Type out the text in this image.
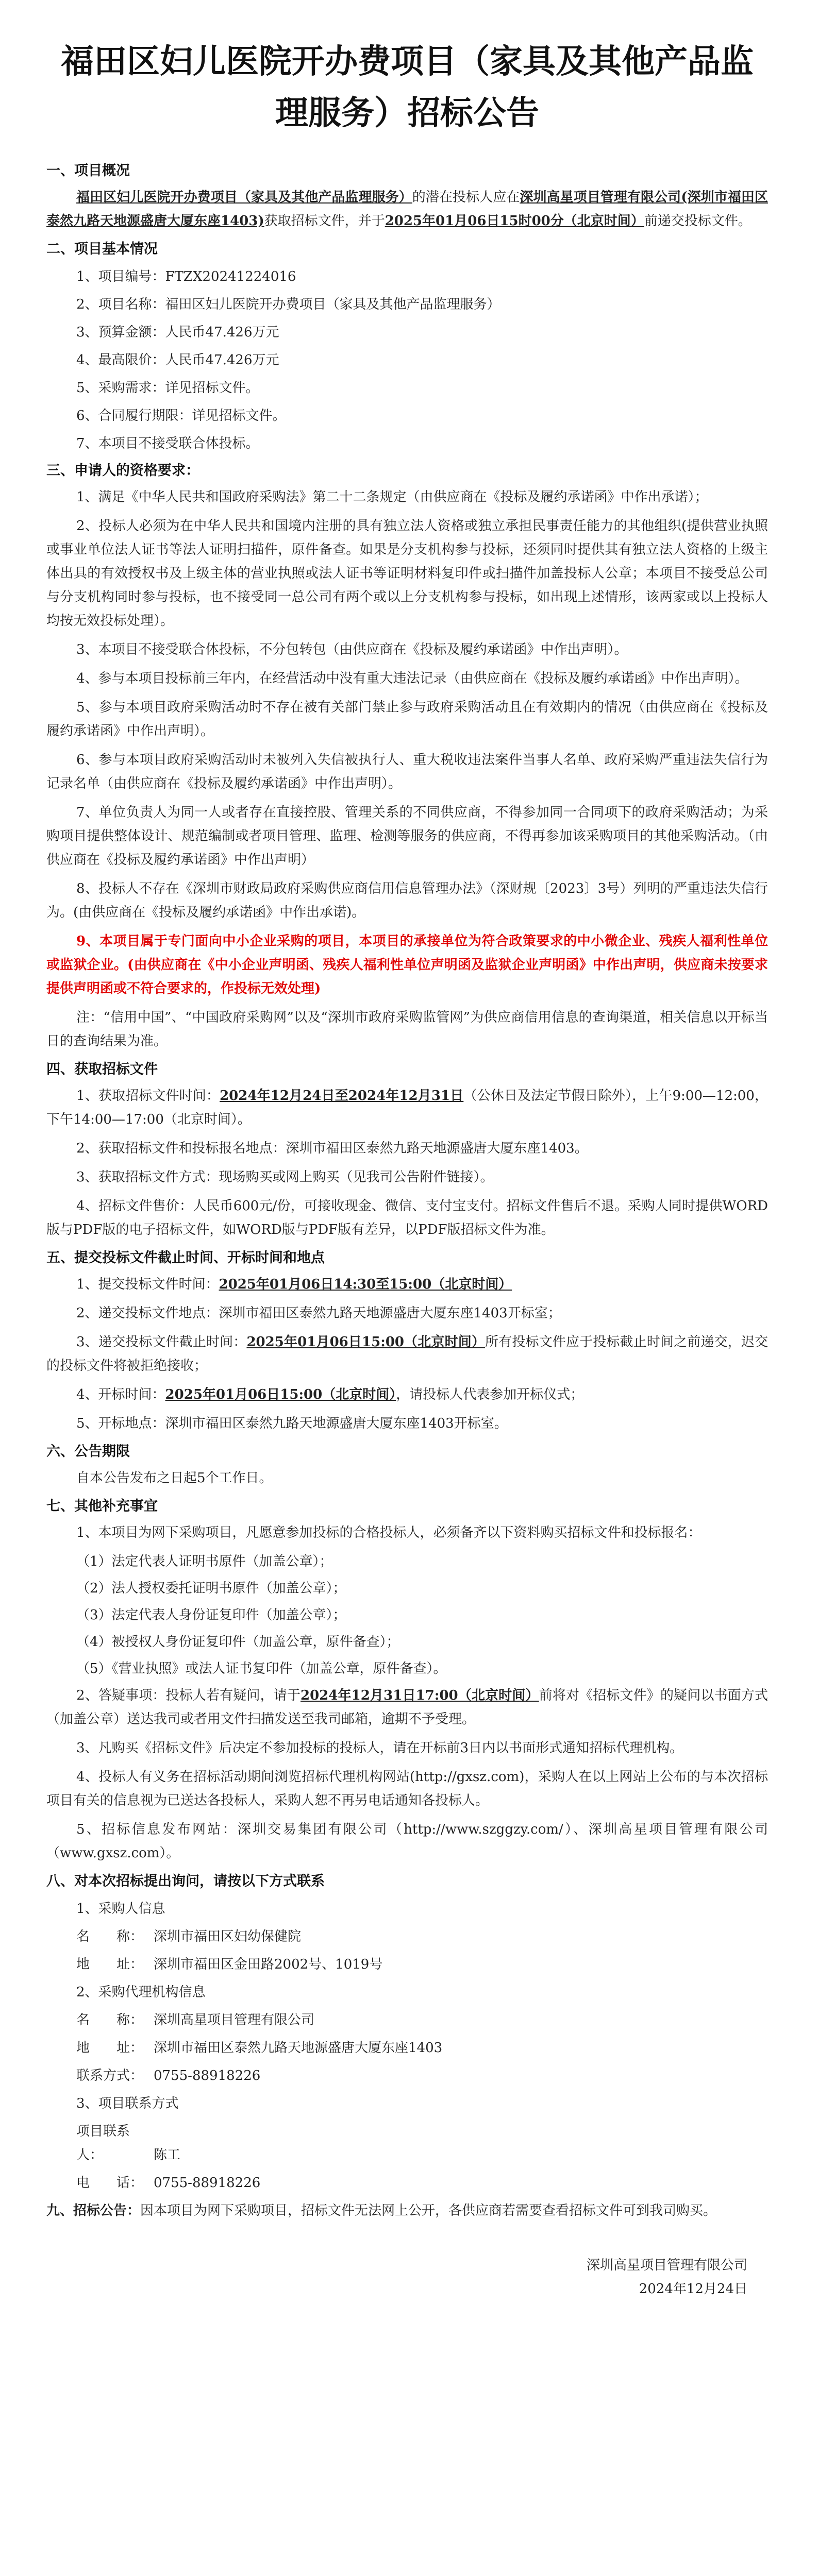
福田区妇儿医院开办费项目（家具及其他产品监理服务）招标公告
一、项目概况
福田区妇儿医院开办费项目（家具及其他产品监理服务）的潜在投标人应在深圳高星项目管理有限公司(深圳市福田区泰然九路天地源盛唐大厦东座1403)获取招标文件，并于2025年01月06日15时00分（北京时间）前递交投标文件。
二、项目基本情况
1、项目编号：FTZX20241224016
2、项目名称：福田区妇儿医院开办费项目（家具及其他产品监理服务）
3、预算金额：人民币47.426万元
4、最高限价：人民币47.426万元
5、采购需求：详见招标文件。
6、合同履行期限：详见招标文件。
7、本项目不接受联合体投标。
三、申请人的资格要求：
1、满足《中华人民共和国政府采购法》第二十二条规定（由供应商在《投标及履约承诺函》中作出承诺）；
2、投标人必须为在中华人民共和国境内注册的具有独立法人资格或独立承担民事责任能力的其他组织(提供营业执照或事业单位法人证书等法人证明扫描件，原件备查。如果是分支机构参与投标，还须同时提供其有独立法人资格的上级主体出具的有效授权书及上级主体的营业执照或法人证书等证明材料复印件或扫描件加盖投标人公章；本项目不接受总公司与分支机构同时参与投标，也不接受同一总公司有两个或以上分支机构参与投标，如出现上述情形，该两家或以上投标人均按无效投标处理）。
3、本项目不接受联合体投标，不分包转包（由供应商在《投标及履约承诺函》中作出声明）。
4、参与本项目投标前三年内，在经营活动中没有重大违法记录（由供应商在《投标及履约承诺函》中作出声明）。
5、参与本项目政府采购活动时不存在被有关部门禁止参与政府采购活动且在有效期内的情况（由供应商在《投标及履约承诺函》中作出声明）。
6、参与本项目政府采购活动时未被列入失信被执行人、重大税收违法案件当事人名单、政府采购严重违法失信行为记录名单（由供应商在《投标及履约承诺函》中作出声明）。
7、单位负责人为同一人或者存在直接控股、管理关系的不同供应商，不得参加同一合同项下的政府采购活动；为采购项目提供整体设计、规范编制或者项目管理、监理、检测等服务的供应商，不得再参加该采购项目的其他采购活动。（由供应商在《投标及履约承诺函》中作出声明）
8、投标人不存在《深圳市财政局政府采购供应商信用信息管理办法》（深财规〔2023〕3号）列明的严重违法失信行为。(由供应商在《投标及履约承诺函》中作出承诺)。
9、本项目属于专门面向中小企业采购的项目，本项目的承接单位为符合政策要求的中小微企业、残疾人福利性单位或监狱企业。(由供应商在《中小企业声明函、残疾人福利性单位声明函及监狱企业声明函》中作出声明，供应商未按要求提供声明函或不符合要求的，作投标无效处理)
注：“信用中国”、“中国政府采购网”以及“深圳市政府采购监管网”为供应商信用信息的查询渠道，相关信息以开标当日的查询结果为准。
四、获取招标文件
1、获取招标文件时间：2024年12月24日至2024年12月31日（公休日及法定节假日除外），上午9:00—12:00，下午14:00—17:00（北京时间）。
2、获取招标文件和投标报名地点：深圳市福田区泰然九路天地源盛唐大厦东座1403。
3、获取招标文件方式：现场购买或网上购买（见我司公告附件链接）。
4、招标文件售价：人民币600元/份，可接收现金、微信、支付宝支付。招标文件售后不退。采购人同时提供WORD版与PDF版的电子招标文件，如WORD版与PDF版有差异，以PDF版招标文件为准。
五、提交投标文件截止时间、开标时间和地点
1、提交投标文件时间：2025年01月06日14:30至15:00（北京时间）
2、递交投标文件地点：深圳市福田区泰然九路天地源盛唐大厦东座1403开标室；
3、递交投标文件截止时间：2025年01月06日15:00（北京时间）所有投标文件应于投标截止时间之前递交，迟交的投标文件将被拒绝接收；
4、开标时间：2025年01月06日15:00（北京时间），请投标人代表参加开标仪式；
5、开标地点：深圳市福田区泰然九路天地源盛唐大厦东座1403开标室。
六、公告期限
自本公告发布之日起5个工作日。
七、其他补充事宜
1、本项目为网下采购项目，凡愿意参加投标的合格投标人，必须备齐以下资料购买招标文件和投标报名：
（1）法定代表人证明书原件（加盖公章）；
（2）法人授权委托证明书原件（加盖公章）；
（3）法定代表人身份证复印件（加盖公章）；
（4）被授权人身份证复印件（加盖公章，原件备查）；
（5）《营业执照》或法人证书复印件（加盖公章，原件备查）。
2、答疑事项：投标人若有疑问，请于2024年12月31日17:00（北京时间）前将对《招标文件》的疑问以书面方式（加盖公章）送达我司或者用文件扫描发送至我司邮箱，逾期不予受理。
3、凡购买《招标文件》后决定不参加投标的投标人，请在开标前3日内以书面形式通知招标代理机构。
4、投标人有义务在招标活动期间浏览招标代理机构网站(http://gxsz.com)，采购人在以上网站上公布的与本次招标项目有关的信息视为已送达各投标人，采购人恕不再另电话通知各投标人。
5、招标信息发布网站：深圳交易集团有限公司（http://www.szggzy.com/）、深圳高星项目管理有限公司（www.gxsz.com）。
八、对本次招标提出询问，请按以下方式联系
1、采购人信息
名　　称： 深圳市福田区妇幼保健院
地　　址： 深圳市福田区金田路2002号、1019号
2、采购代理机构信息
名　　称： 深圳高星项目管理有限公司
地　　址： 深圳市福田区泰然九路天地源盛唐大厦东座1403
联系方式： 0755-88918226
3、项目联系方式
项目联系人：	陈工
电　　话： 0755-88918226
九、招标公告：因本项目为网下采购项目，招标文件无法网上公开，各供应商若需要查看招标文件可到我司购买。
深圳高星项目管理有限公司
2024年12月24日
